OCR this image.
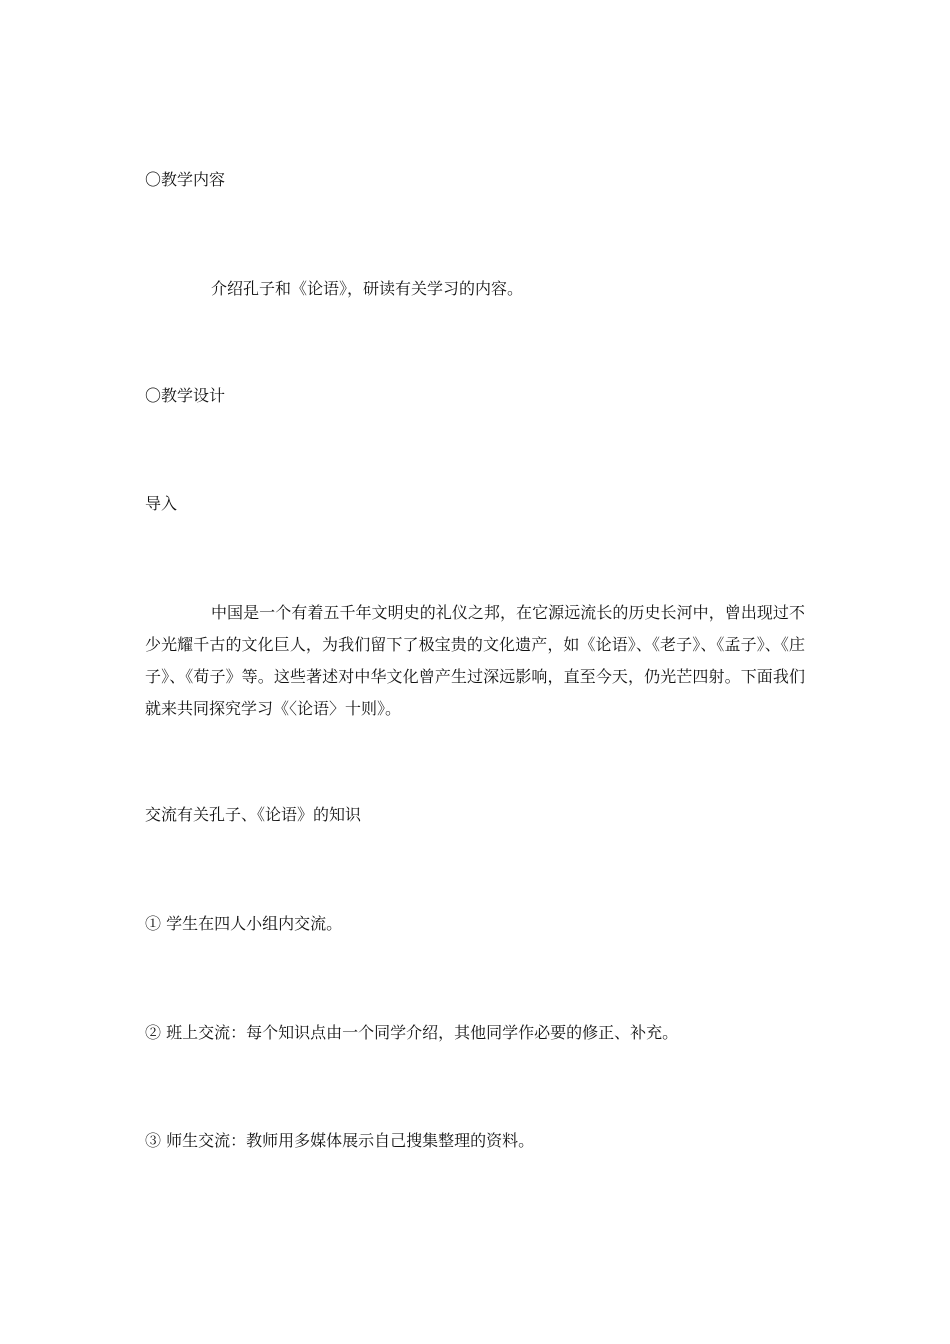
〇教学内容
介绍孔子和《论语》，研读有关学习的内容。
〇教学设计
导入
中国是一个有着五千年文明史的礼仪之邦，在它源远流长的历史长河中，曾出现过不少光耀千古的文化巨人，为我们留下了极宝贵的文化遗产，如《论语》、《老子》、《孟子》、《庄子》、《荀子》等。这些著述对中华文化曾产生过深远影响，直至今天，仍光芒四射。下面我们就来共同探究学习《〈论语〉十则》。
交流有关孔子、《论语》的知识
① 学生在四人小组内交流。
② 班上交流：每个知识点由一个同学介绍，其他同学作必要的修正、补充。
③ 师生交流：教师用多媒体展示自己搜集整理的资料。
